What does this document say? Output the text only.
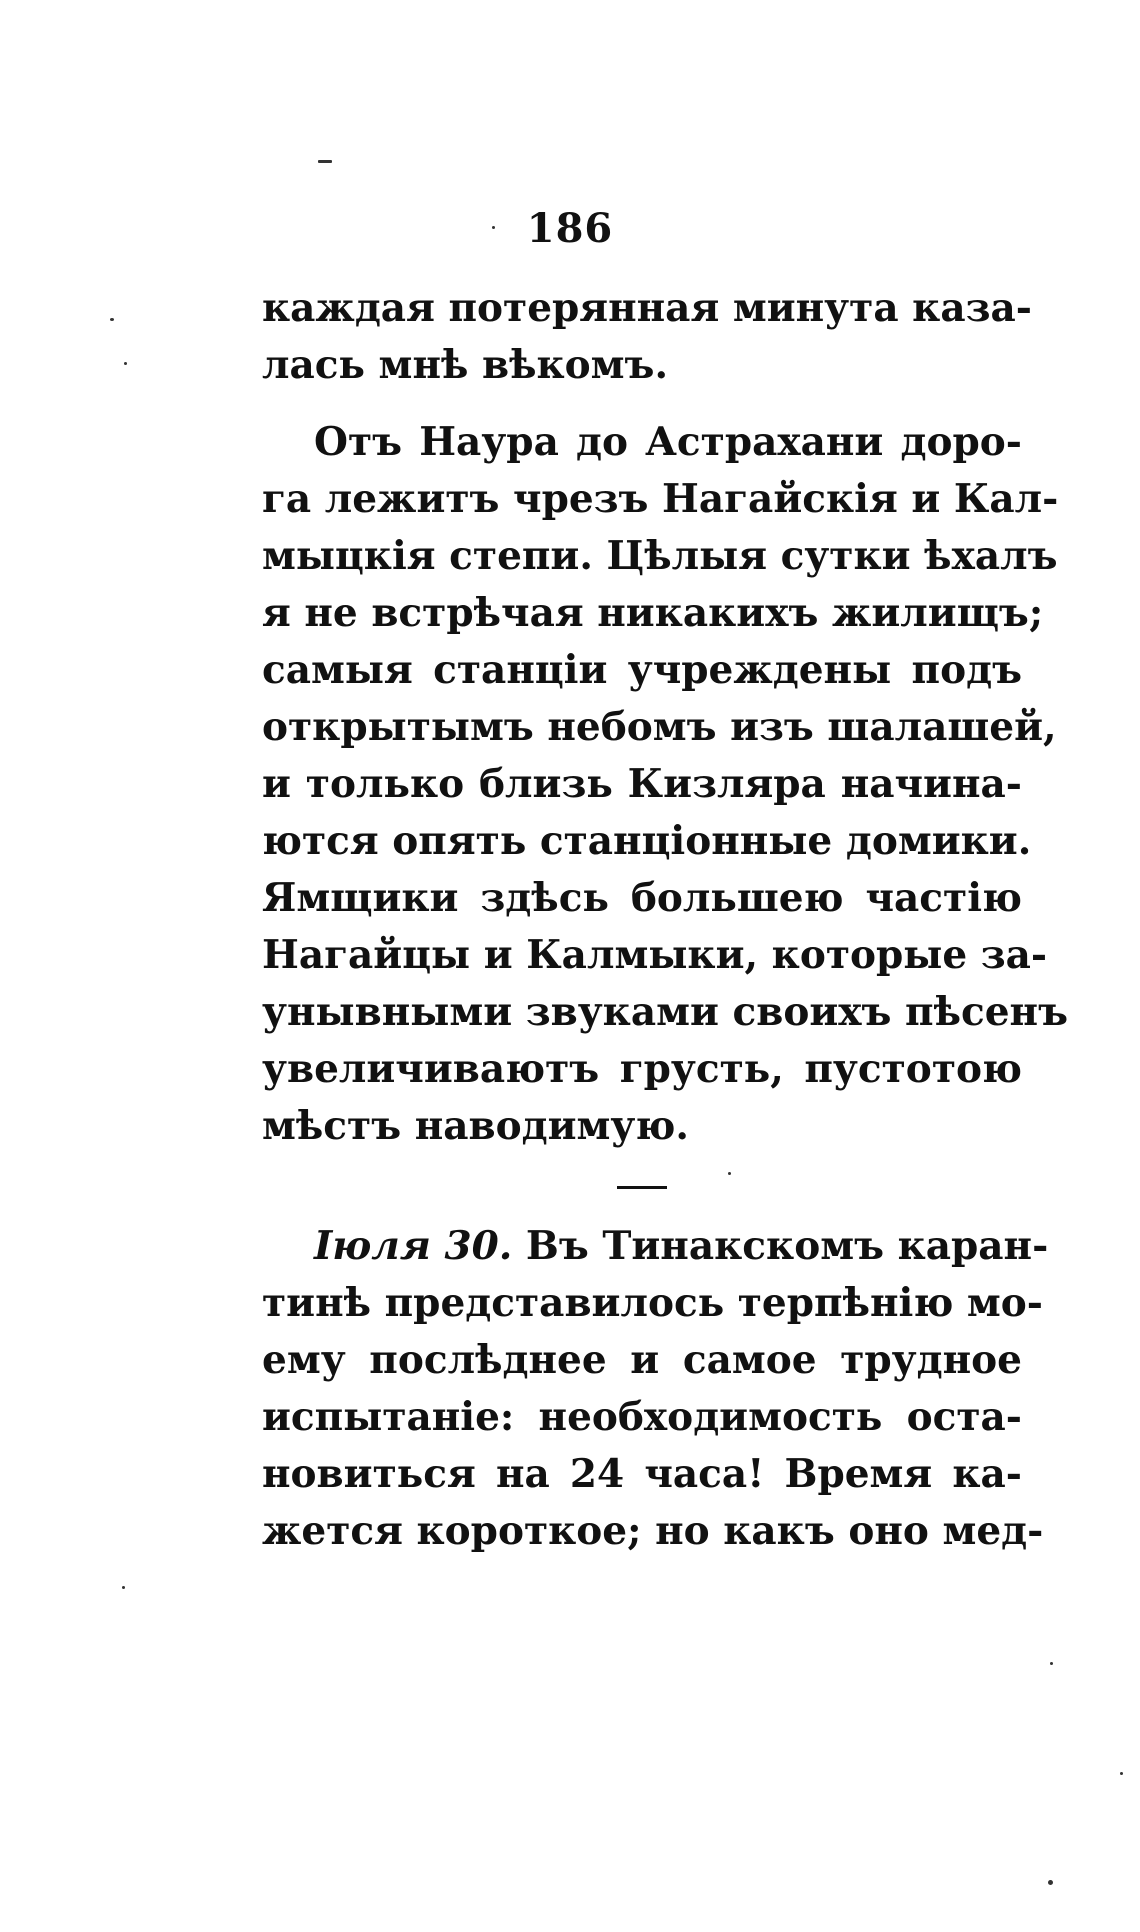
186
каждая потерянная минута каза-
лась мнѣ вѣкомъ.
Отъ Наура до Астрахани доро-
га лежитъ чрезъ Нагайскія и Кал-
мыцкія степи. Цѣлыя сутки ѣхалъ
я не встрѣчая никакихъ жилищъ;
самыя станціи учреждены подъ
открытымъ небомъ изъ шалашей,
и только близь Кизляра начина-
ются опять станціонные домики.
Ямщики здѣсь большею частію
Нагайцы и Калмыки, которые за-
унывными звуками своихъ пѣсенъ
увеличиваютъ грусть, пустотою
мѣстъ наводимую.
Іюля 30. Въ Тинакскомъ каран-
тинѣ представилось терпѣнію мо-
ему послѣднее и самое трудное
испытаніе: необходимость оста-
новиться на 24 часа! Время ка-
жется короткое; но какъ оно мед-
